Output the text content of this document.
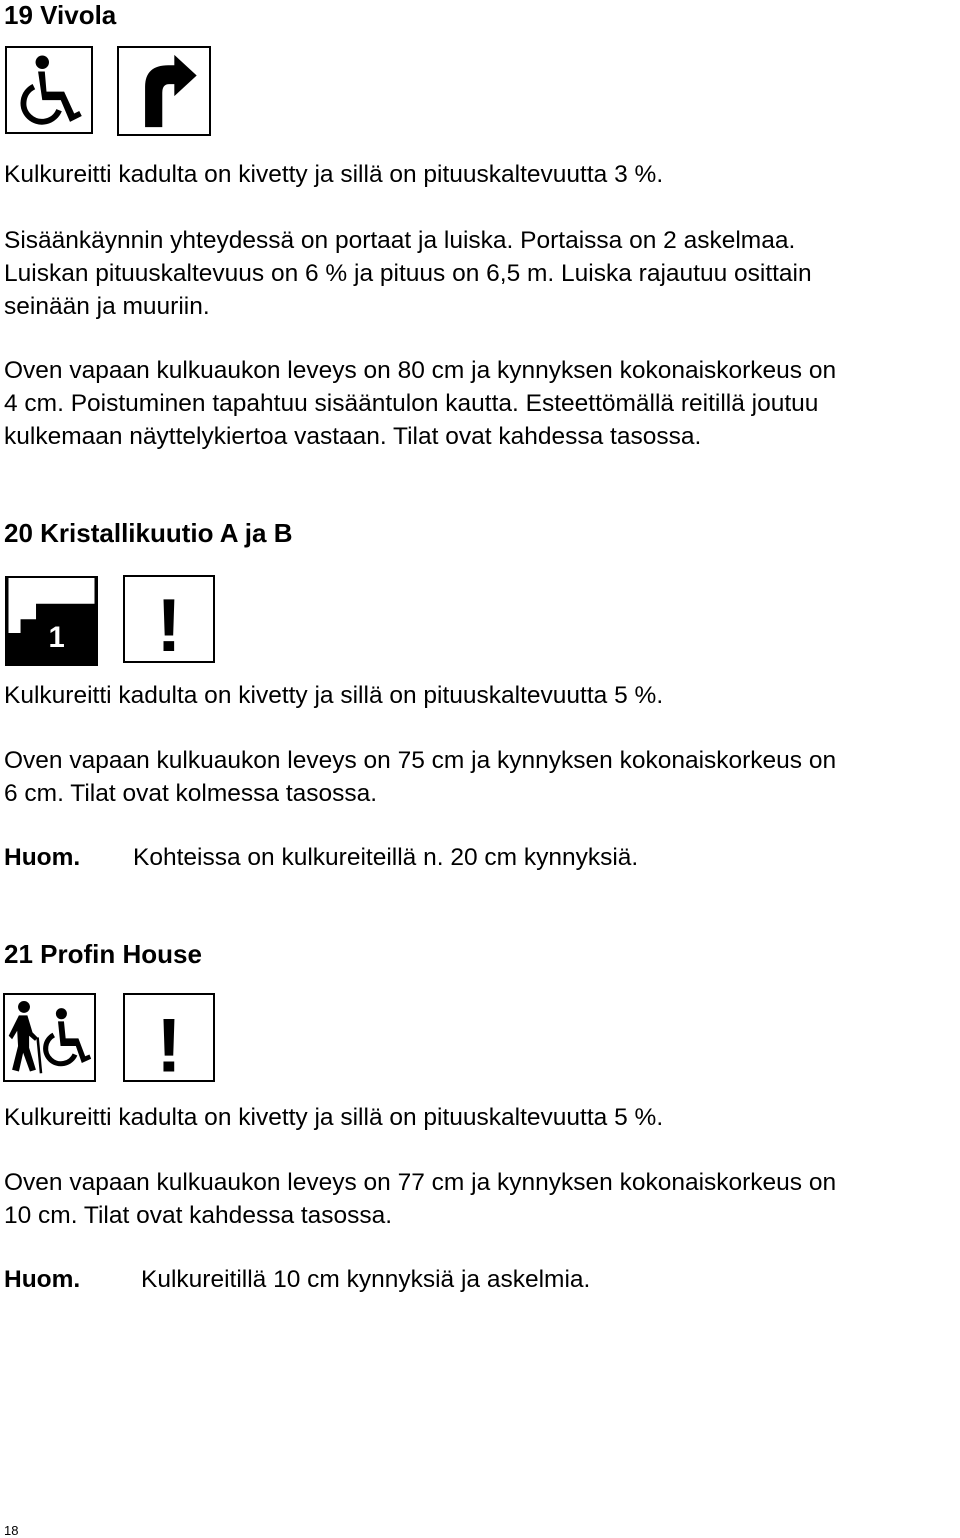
19 Vivola
Kulkureitti kadulta on kivetty ja sillä on pituuskaltevuutta 3 %.
Sisäänkäynnin yhteydessä on portaat ja luiska. Portaissa on 2 askelmaa.
Luiskan pituuskaltevuus on 6 % ja pituus on 6,5 m. Luiska rajautuu osittain
seinään ja muuriin.
Oven vapaan kulkuaukon leveys on 80 cm ja kynnyksen kokonaiskorkeus on
4 cm. Poistuminen tapahtuu sisääntulon kautta. Esteettömällä reitillä joutuu
kulkemaan näyttelykiertoa vastaan. Tilat ovat kahdessa tasossa.
20 Kristallikuutio A ja B
1 !
Kulkureitti kadulta on kivetty ja sillä on pituuskaltevuutta 5 %.
Oven vapaan kulkuaukon leveys on 75 cm ja kynnyksen kokonaiskorkeus on
6 cm. Tilat ovat kolmessa tasossa.
Huom. Kohteissa on kulkureiteillä n. 20 cm kynnyksiä.
21 Profin House
!
Kulkureitti kadulta on kivetty ja sillä on pituuskaltevuutta 5 %.
Oven vapaan kulkuaukon leveys on 77 cm ja kynnyksen kokonaiskorkeus on
10 cm. Tilat ovat kahdessa tasossa.
Huom. Kulkureitillä 10 cm kynnyksiä ja askelmia.
18
